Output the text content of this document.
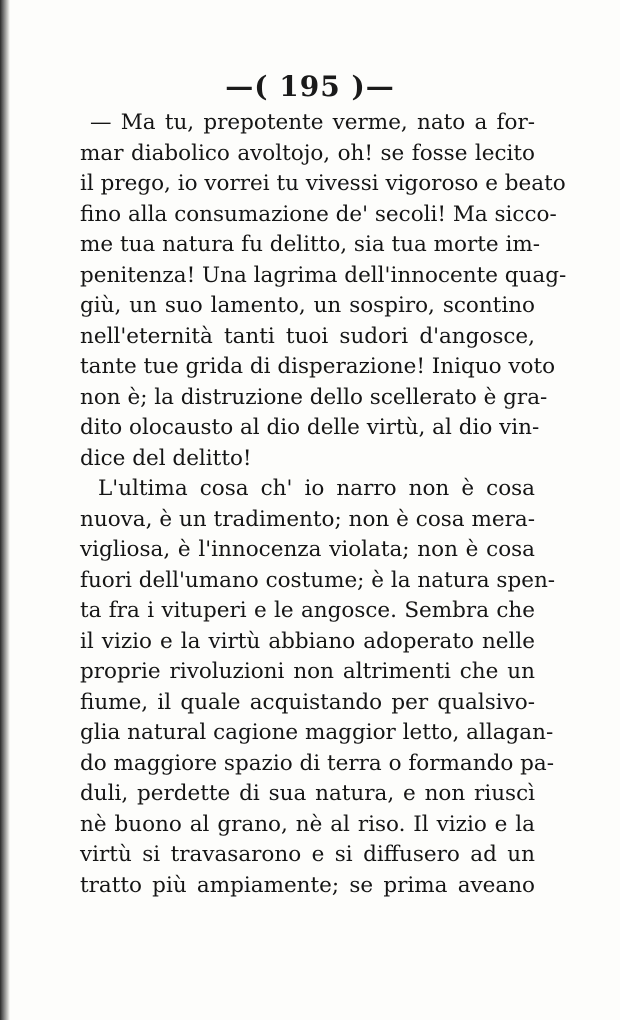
—( 195 )—
— Ma tu, prepotente verme, nato a for-
mar diabolico avoltojo, oh! se fosse lecito
il prego, io vorrei tu vivessi vigoroso e beato
fino alla consumazione de' secoli! Ma sicco-
me tua natura fu delitto, sia tua morte im-
penitenza! Una lagrima dell'innocente quag-
giù, un suo lamento, un sospiro, scontino
nell'eternità tanti tuoi sudori d'angosce,
tante tue grida di disperazione! Iniquo voto
non è; la distruzione dello scellerato è gra-
dito olocausto al dio delle virtù, al dio vin-
dice del delitto!
L'ultima cosa ch' io narro non è cosa
nuova, è un tradimento; non è cosa mera-
vigliosa, è l'innocenza violata; non è cosa
fuori dell'umano costume; è la natura spen-
ta fra i vituperi e le angosce. Sembra che
il vizio e la virtù abbiano adoperato nelle
proprie rivoluzioni non altrimenti che un
fiume, il quale acquistando per qualsivo-
glia natural cagione maggior letto, allagan-
do maggiore spazio di terra o formando pa-
duli, perdette di sua natura, e non riuscì
nè buono al grano, nè al riso. Il vizio e la
virtù si travasarono e si diffusero ad un
tratto più ampiamente; se prima aveano
